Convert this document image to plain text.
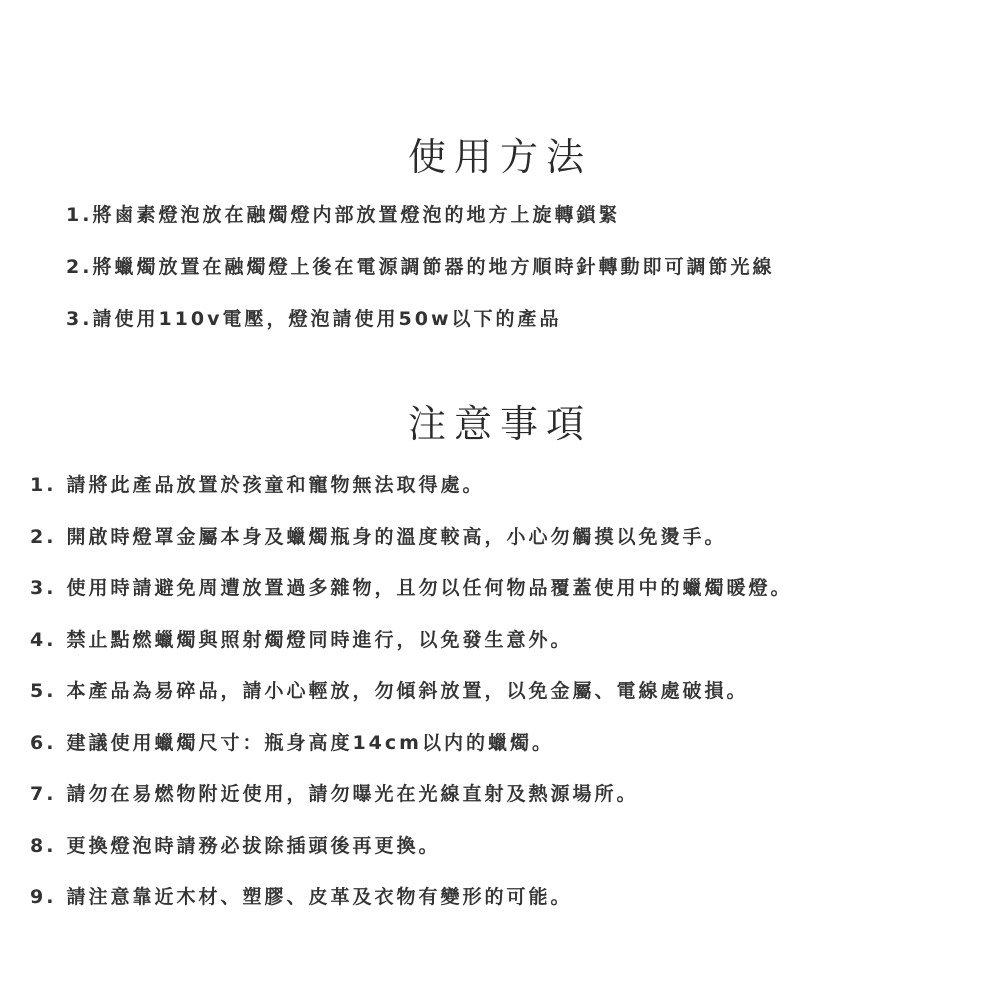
使用方法
1.將鹵素燈泡放在融燭燈内部放置燈泡的地方上旋轉鎖緊
2.將蠟燭放置在融燭燈上後在電源調節器的地方順時針轉動即可調節光線
3.請使用110v電壓，燈泡請使用50w以下的產品
注意事項
1. 請將此產品放置於孩童和寵物無法取得處。
2. 開啟時燈罩金屬本身及蠟燭瓶身的溫度較高，小心勿觸摸以免燙手。
3. 使用時請避免周遭放置過多雜物，且勿以任何物品覆蓋使用中的蠟燭暖燈。
4. 禁止點燃蠟燭與照射燭燈同時進行，以免發生意外。
5. 本產品為易碎品，請小心輕放，勿傾斜放置，以免金屬、電線處破損。
6. 建議使用蠟燭尺寸：瓶身高度14cm以内的蠟燭。
7. 請勿在易燃物附近使用，請勿曝光在光線直射及熱源場所。
8. 更換燈泡時請務必拔除插頭後再更換。
9. 請注意靠近木材、塑膠、皮革及衣物有變形的可能。
